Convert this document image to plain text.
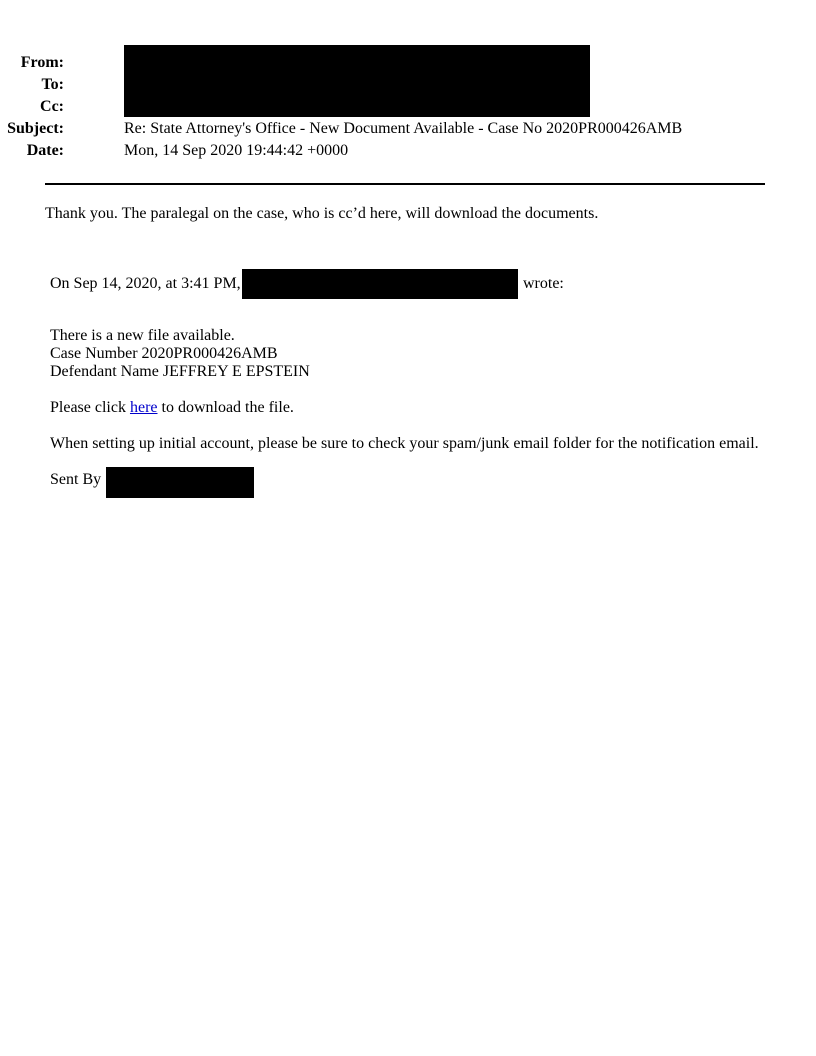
From:
To:
Cc:
Subject:	Re: State Attorney's Office - New Document Available - Case No 2020PR000426AMB
Date:	Mon, 14 Sep 2020 19:44:42 +0000
Thank you. The paralegal on the case, who is cc’d here, will download the documents.
On Sep 14, 2020, at 3:41 PM,	wrote:
There is a new file available.
Case Number 2020PR000426AMB
Defendant Name JEFFREY E EPSTEIN
Please click here to download the file.
When setting up initial account, please be sure to check your spam/junk email folder for the notification email.
Sent By
